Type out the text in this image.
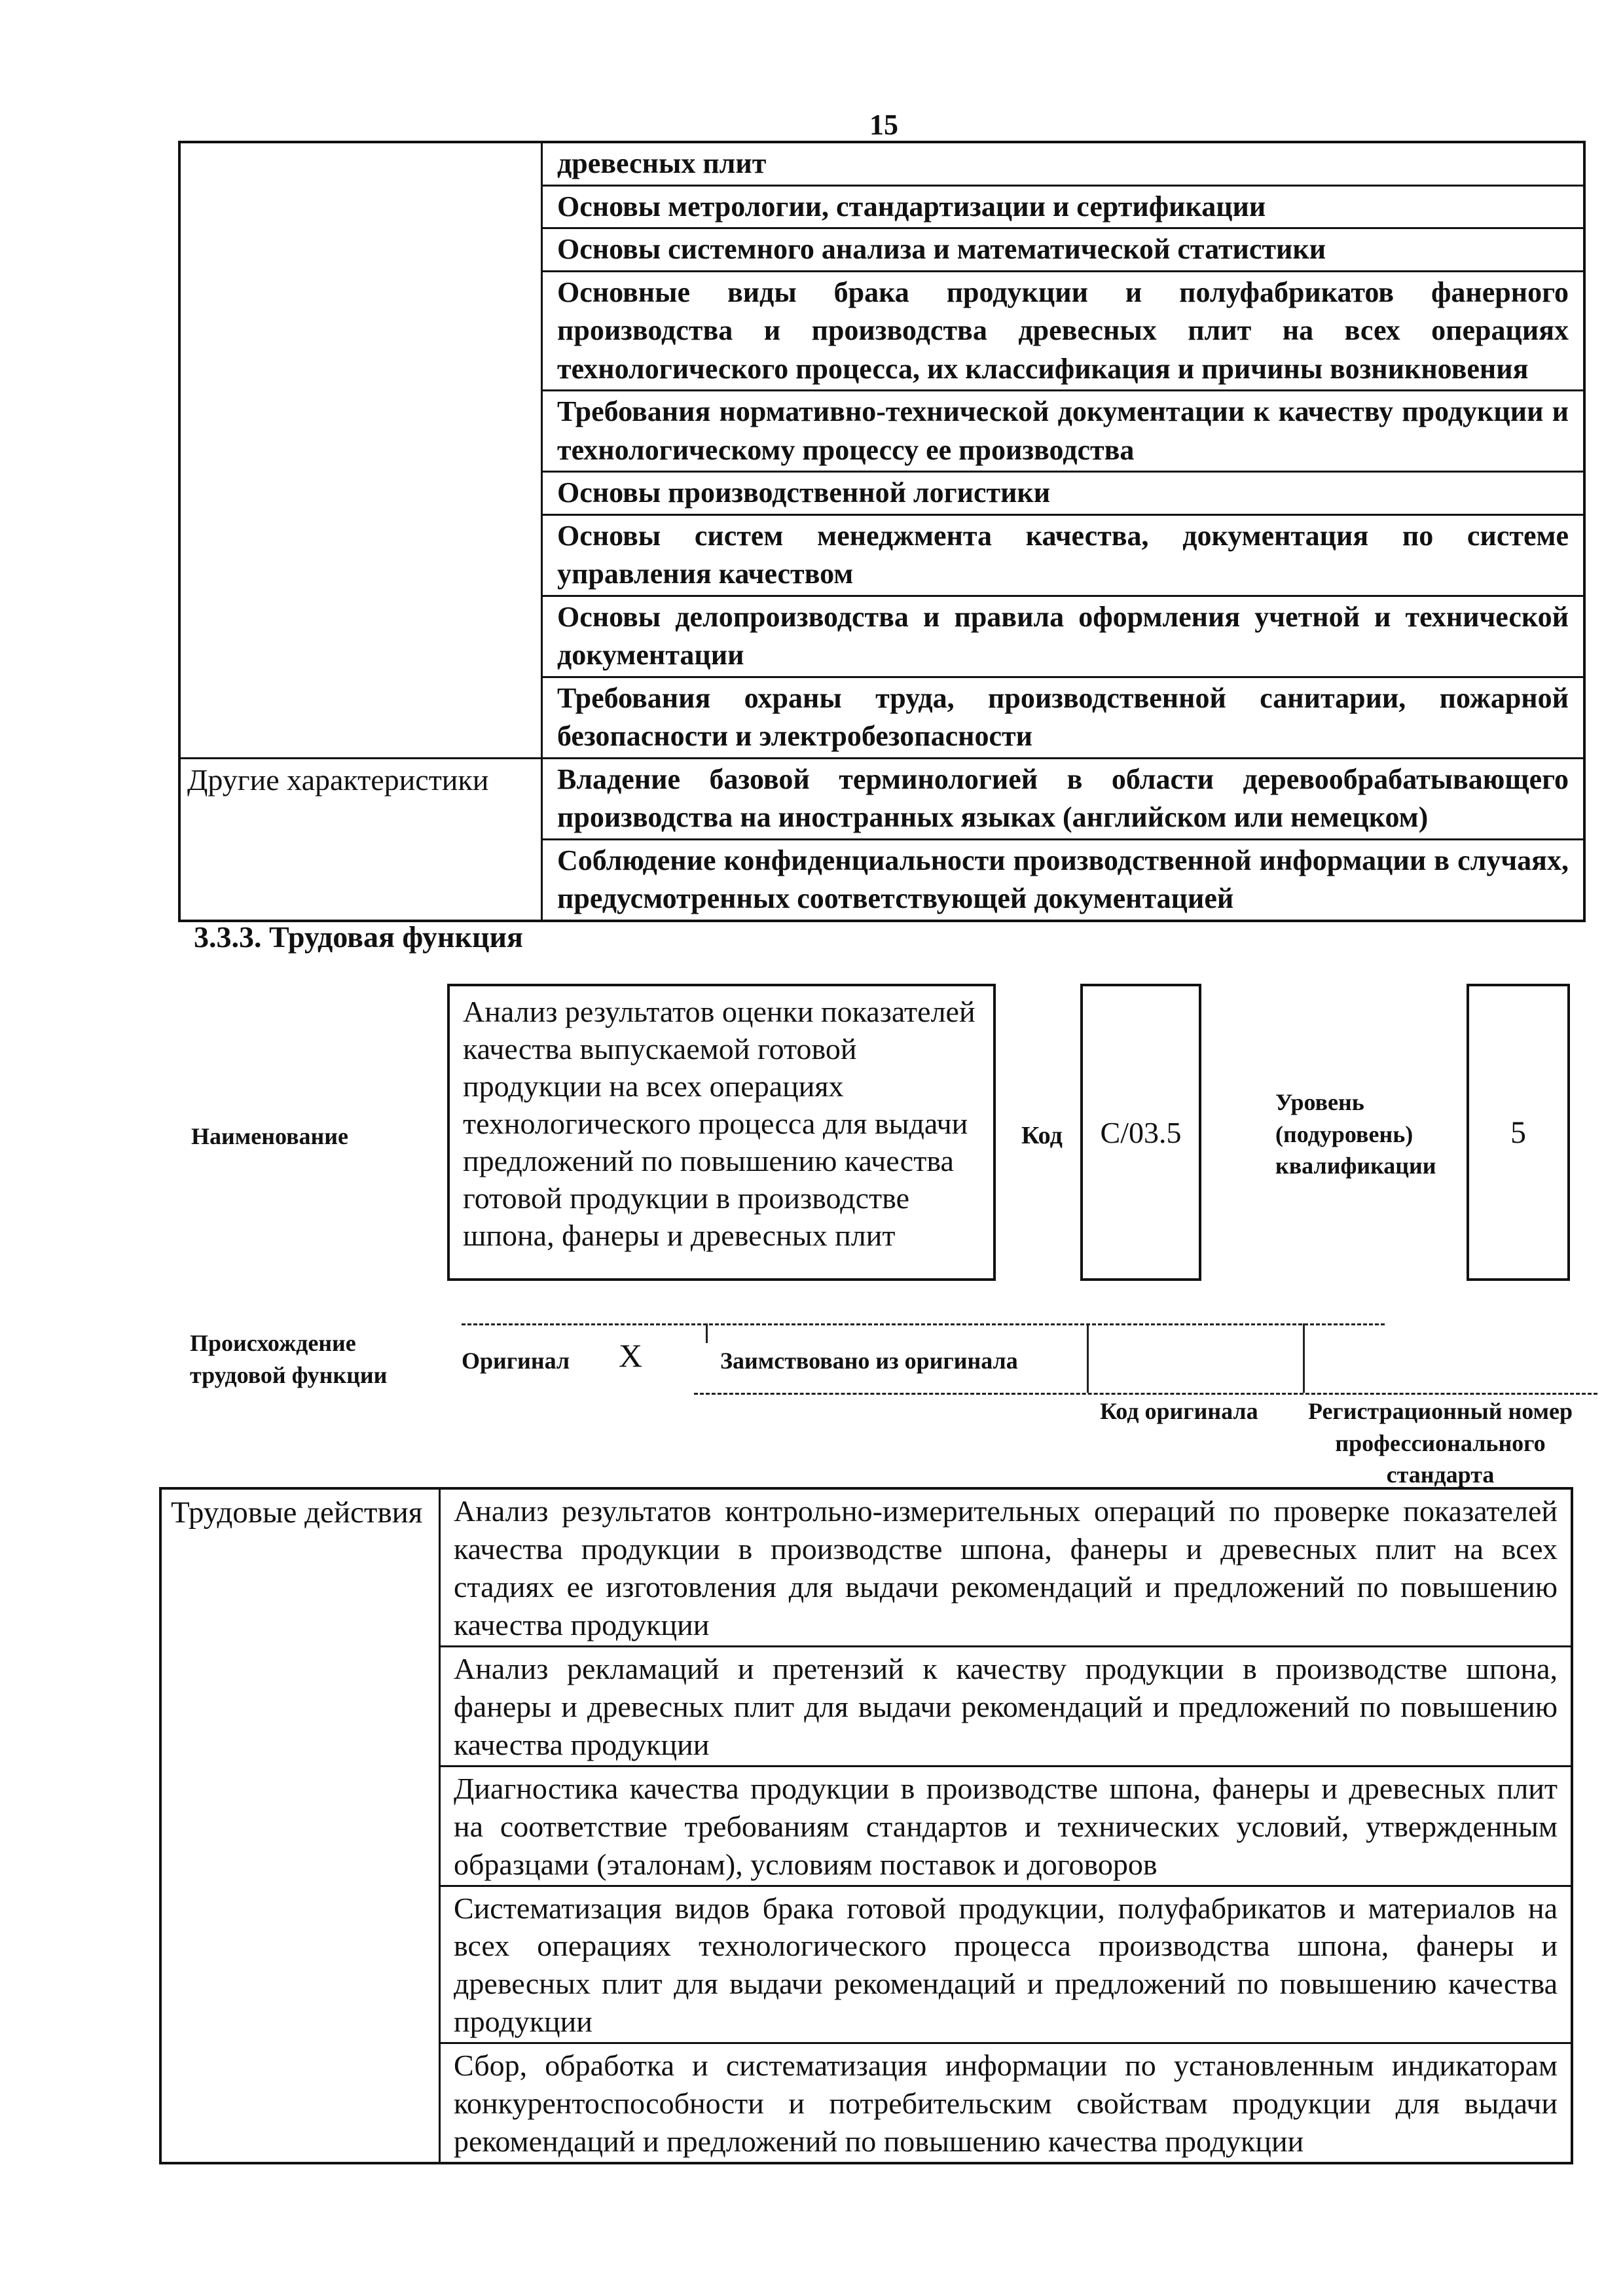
15
	древесных плит
	Основы метрологии, стандартизации и сертификации
	Основы системного анализа и математической статистики
	Основные виды брака продукции и полуфабрикатов фанерного производства и производства древесных плит на всех операциях технологического процесса, их классификация и причины возникновения
	Требования нормативно-технической документации к качеству продукции и технологическому процессу ее производства
	Основы производственной логистики
	Основы систем менеджмента качества, документация по системе управления качеством
	Основы делопроизводства и правила оформления учетной и технической документации
	Требования охраны труда, производственной санитарии, пожарной безопасности и электробезопасности
Другие характеристики	Владение базовой терминологией в области деревообрабатывающего производства на иностранных языках (английском или немецком)
	Соблюдение конфиденциальности производственной информации в случаях, предусмотренных соответствующей документацией
3.3.3. Трудовая функция
Наименование
Анализ результатов оценки показателей качества выпускаемой готовой продукции на всех операциях технологического процесса для выдачи предложений по повышению качества готовой продукции в производстве шпона, фанеры и древесных плит
Код C/03.5
Уровень (подуровень) квалификации
5
Происхождение трудовой функции
Оригинал X	Заимствовано из оригинала
Код оригинала Регистрационный номер профессионального стандарта
Трудовые действия	Анализ результатов контрольно-измерительных операций по проверке показателей качества продукции в производстве шпона, фанеры и древесных плит на всех стадиях ее изготовления для выдачи рекомендаций и предложений по повышению качества продукции
Анализ рекламаций и претензий к качеству продукции в производстве шпона, фанеры и древесных плит для выдачи рекомендаций и предложений по повышению качества продукции
Диагностика качества продукции в производстве шпона, фанеры и древесных плит на соответствие требованиям стандартов и технических условий, утвержденным образцами (эталонам), условиям поставок и договоров
Систематизация видов брака готовой продукции, полуфабрикатов и материалов на всех операциях технологического процесса производства шпона, фанеры и древесных плит для выдачи рекомендаций и предложений по повышению качества продукции
Сбор, обработка и систематизация информации по установленным индикаторам конкурентоспособности и потребительским свойствам продукции для выдачи рекомендаций и предложений по повышению качества продукции
